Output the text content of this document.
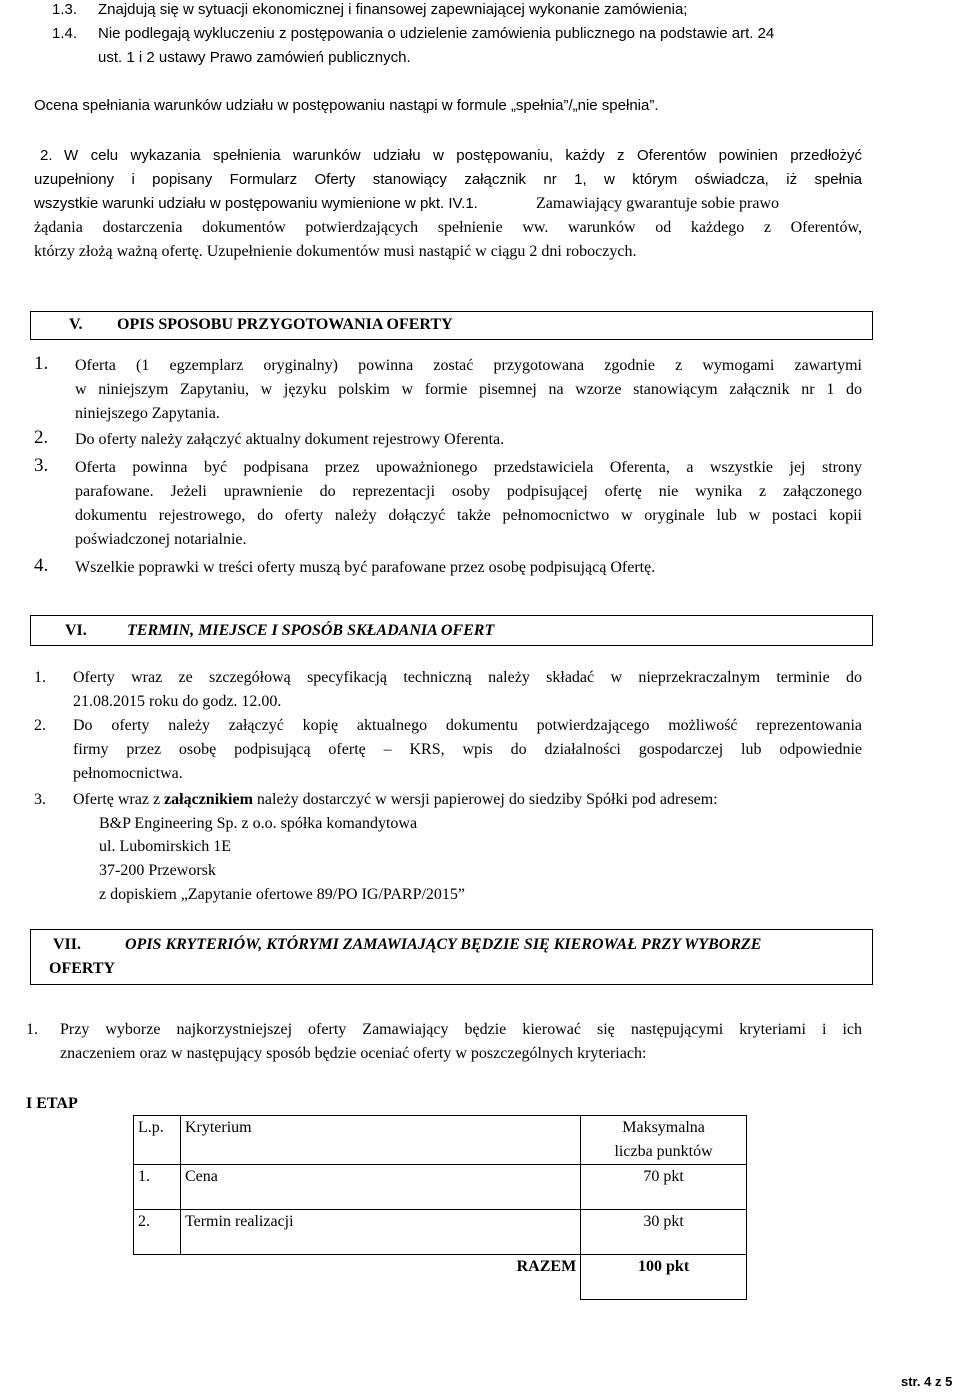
1.3. Znajdują się w sytuacji ekonomicznej i finansowej zapewniającej wykonanie zamówienia;
1.4. Nie podlegają wykluczeniu z postępowania o udzielenie zamówienia publicznego na podstawie art. 24
ust. 1 i 2 ustawy Prawo zamówień publicznych.
Ocena spełniania warunków udziału w postępowaniu nastąpi w formule „spełnia”/„nie spełnia”.
2. W celu wykazania spełnienia warunków udziału w postępowaniu, każdy z Oferentów powinien przedłożyć
uzupełniony i popisany Formularz Oferty stanowiący załącznik nr 1, w którym oświadcza, iż spełnia
wszystkie warunki udziału w postępowaniu wymienione w pkt. IV.1.	Zamawiający gwarantuje sobie prawo
żądania dostarczenia dokumentów potwierdzających spełnienie ww. warunków od każdego z Oferentów,
którzy złożą ważną ofertę. Uzupełnienie dokumentów musi nastąpić w ciągu 2 dni roboczych.
V. OPIS SPOSOBU PRZYGOTOWANIA OFERTY
1. Oferta (1 egzemplarz oryginalny) powinna zostać przygotowana zgodnie z wymogami zawartymi
w niniejszym Zapytaniu, w języku polskim w formie pisemnej na wzorze stanowiącym załącznik nr 1 do
niniejszego Zapytania.
2. Do oferty należy załączyć aktualny dokument rejestrowy Oferenta.
3. Oferta powinna być podpisana przez upoważnionego przedstawiciela Oferenta, a wszystkie jej strony
parafowane. Jeżeli uprawnienie do reprezentacji osoby podpisującej ofertę nie wynika z załączonego
dokumentu rejestrowego, do oferty należy dołączyć także pełnomocnictwo w oryginale lub w postaci kopii
poświadczonej notarialnie.
4. Wszelkie poprawki w treści oferty muszą być parafowane przez osobę podpisującą Ofertę.
VI.	TERMIN, MIEJSCE I SPOSÓB SKŁADANIA OFERT
1. Oferty wraz ze szczegółową specyfikacją techniczną należy składać w nieprzekraczalnym terminie do
21.08.2015 roku do godz. 12.00.
2. Do oferty należy załączyć kopię aktualnego dokumentu potwierdzającego możliwość reprezentowania
firmy przez osobę podpisującą ofertę – KRS, wpis do działalności gospodarczej lub odpowiednie
pełnomocnictwa.
3. Ofertę wraz z załącznikiem należy dostarczyć w wersji papierowej do siedziby Spółki pod adresem:
B&P Engineering Sp. z o.o. spółka komandytowa
ul. Lubomirskich 1E
37-200 Przeworsk
z dopiskiem „Zapytanie ofertowe 89/PO IG/PARP/2015”
VII.	OPIS KRYTERIÓW, KTÓRYMI ZAMAWIAJĄCY BĘDZIE SIĘ KIEROWAŁ PRZY WYBORZE
OFERTY
1. Przy wyborze najkorzystniejszej oferty Zamawiający będzie kierować się następującymi kryteriami i ich
znaczeniem oraz w następujący sposób będzie oceniać oferty w poszczególnych kryteriach:
I ETAP
L.p.	Kryterium	Maksymalna
liczba punktów
1.	Cena	70 pkt
2.	Termin realizacji	30 pkt
	RAZEM	100 pkt
str. 4 z 5
